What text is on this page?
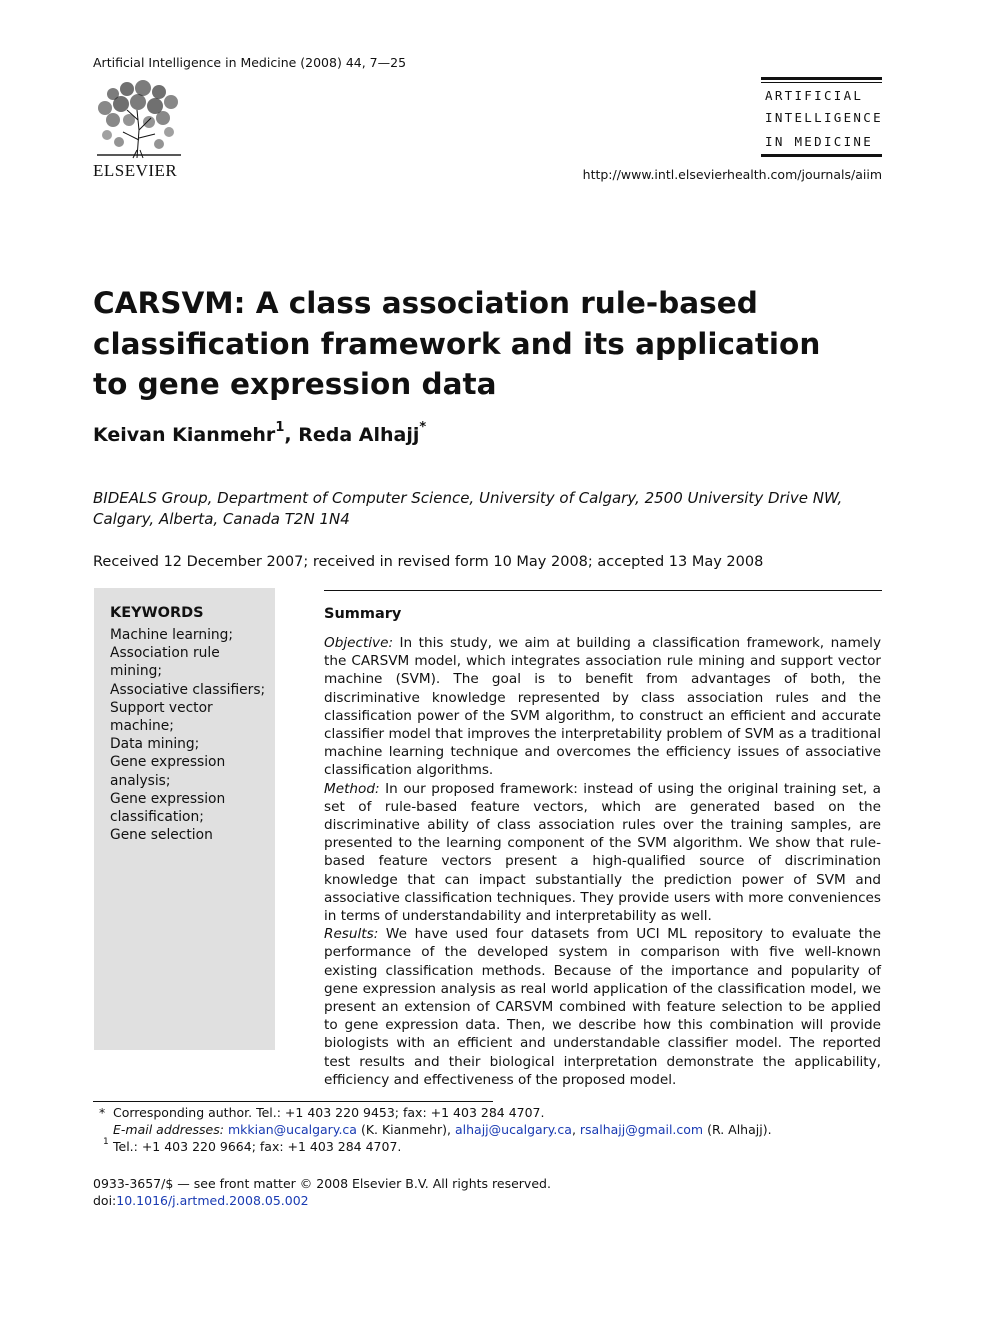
Artificial Intelligence in Medicine (2008) 44, 7—25
ELSEVIER
ARTIFICIAL
INTELLIGENCE
IN MEDICINE
http://www.intl.elsevierhealth.com/journals/aiim
CARSVM: A class association rule-based classification framework and its application to gene expression data
Keivan Kianmehr$^1$, Reda Alhajj*
BIDEALS Group, Department of Computer Science, University of Calgary, 2500 University Drive NW, Calgary, Alberta, Canada T2N 1N4
Received 12 December 2007; received in revised form 10 May 2008; accepted 13 May 2008
KEYWORDS
Machine learning;
Association rule mining;
Associative classifiers;
Support vector machine;
Data mining;
Gene expression analysis;
Gene expression classification;
Gene selection
Summary

Objective: In this study, we aim at building a classification framework, namely the CARSVM model, which integrates association rule mining and support vector machine (SVM). The goal is to benefit from advantages of both, the discriminative knowledge represented by class association rules and the classification power of the SVM algorithm, to construct an efficient and accurate classifier model that improves the interpretability problem of SVM as a traditional machine learning technique and overcomes the efficiency issues of associative classification algorithms.

Method: In our proposed framework: instead of using the original training set, a set of rule-based feature vectors, which are generated based on the discriminative ability of class association rules over the training samples, are presented to the learning component of the SVM algorithm. We show that rule-based feature vectors present a high-qualified source of discrimination knowledge that can impact substantially the prediction power of SVM and associative classification techniques. They provide users with more conveniences in terms of understandability and interpretability as well.

Results: We have used four datasets from UCI ML repository to evaluate the performance of the developed system in comparison with five well-known existing classification methods. Because of the importance and popularity of gene expression analysis as real world application of the classification model, we present an extension of CARSVM combined with feature selection to be applied to gene expression data. Then, we describe how this combination will provide biologists with an efficient and understandable classifier model. The reported test results and their biological interpretation demonstrate the applicability, efficiency and effectiveness of the proposed model.

* Corresponding author. Tel.: +1 403 220 9453; fax: +1 403 284 4707.
E-mail addresses: mkkian@ucalgary.ca (K. Kianmehr), alhajj@ucalgary.ca, rsalhajj@gmail.com (R. Alhajj).
1 Tel.: +1 403 220 9664; fax: +1 403 284 4707.
0933-3657/$ — see front matter © 2008 Elsevier B.V. All rights reserved.
doi:10.1016/j.artmed.2008.05.002
